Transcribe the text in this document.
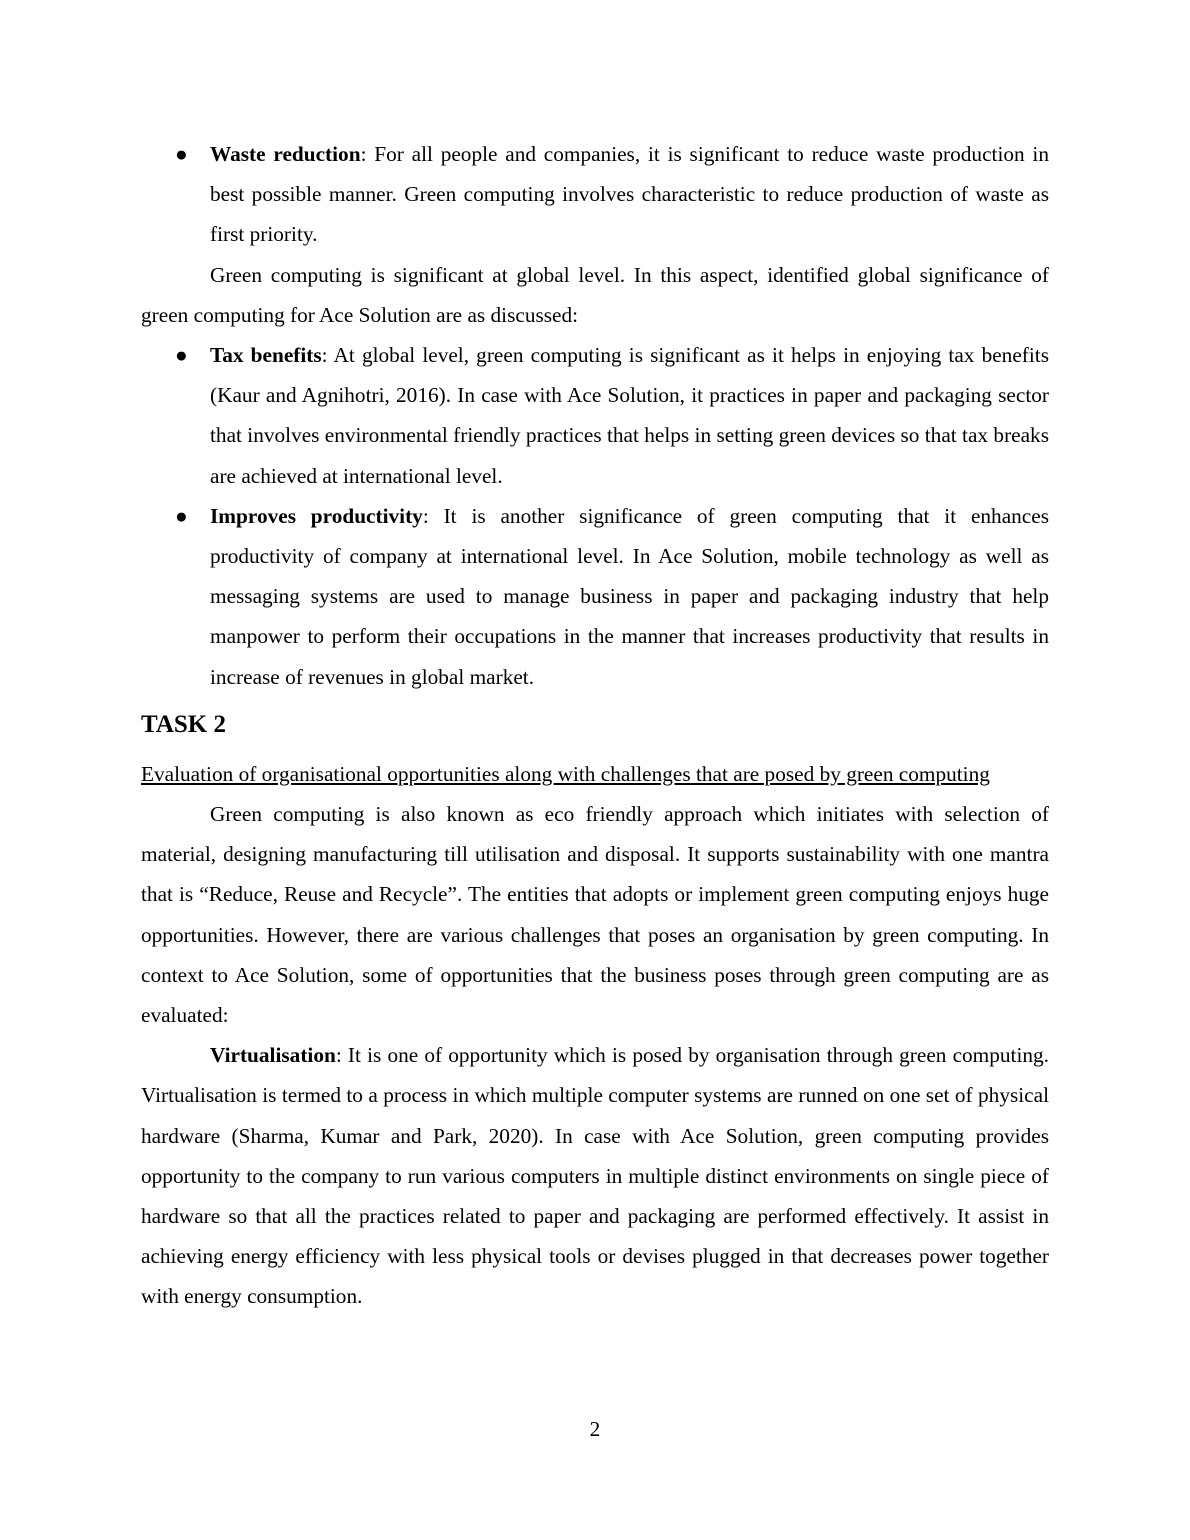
● Waste reduction: For all people and companies, it is significant to reduce waste production in best possible manner. Green computing involves characteristic to reduce production of waste as first priority.

Green computing is significant at global level. In this aspect, identified global significance of green computing for Ace Solution are as discussed:

● Tax benefits: At global level, green computing is significant as it helps in enjoying tax benefits (Kaur and Agnihotri, 2016). In case with Ace Solution, it practices in paper and packaging sector that involves environmental friendly practices that helps in setting green devices so that tax breaks are achieved at international level.
● Improves productivity: It is another significance of green computing that it enhances productivity of company at international level. In Ace Solution, mobile technology as well as messaging systems are used to manage business in paper and packaging industry that help manpower to perform their occupations in the manner that increases productivity that results in increase of revenues in global market.
TASK 2

Evaluation of organisational opportunities along with challenges that are posed by green computing

Green computing is also known as eco friendly approach which initiates with selection of material, designing manufacturing till utilisation and disposal. It supports sustainability with one mantra that is “Reduce, Reuse and Recycle”. The entities that adopts or implement green computing enjoys huge opportunities. However, there are various challenges that poses an organisation by green computing. In context to Ace Solution, some of opportunities that the business poses through green computing are as evaluated:

Virtualisation: It is one of opportunity which is posed by organisation through green computing. Virtualisation is termed to a process in which multiple computer systems are runned on one set of physical hardware (Sharma, Kumar and Park, 2020). In case with Ace Solution, green computing provides opportunity to the company to run various computers in multiple distinct environments on single piece of hardware so that all the practices related to paper and packaging are performed effectively. It assist in achieving energy efficiency with less physical tools or devises plugged in that decreases power together with energy consumption.

2
